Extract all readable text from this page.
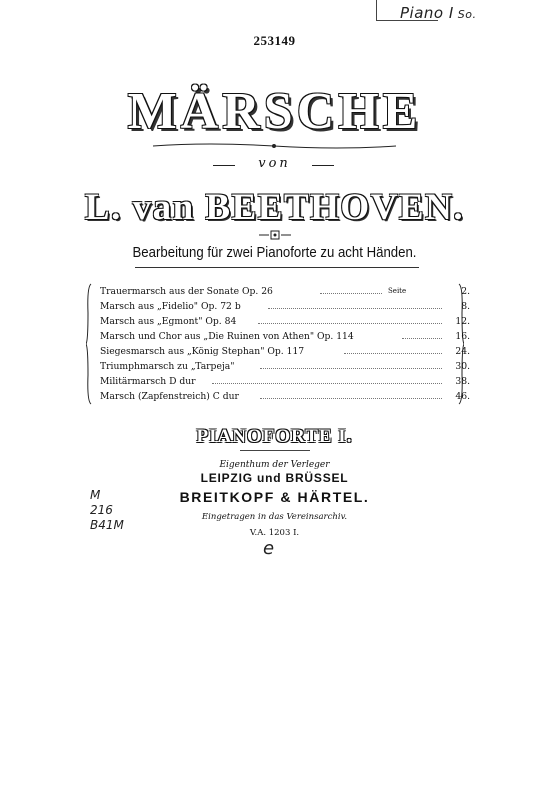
Piano I So.
M
216
B41M
253149
MÄRSCHE
von
L. van BEETHOVEN.
Bearbeitung für zwei Pianoforte zu acht Händen.
Trauermarsch aus der Sonate Op. 26	Seite	2.
Marsch aus „Fidelio" Op. 72 b	8.
Marsch aus „Egmont" Op. 84	12.
Marsch und Chor aus „Die Ruinen von Athen" Op. 114	16.
Siegesmarsch aus „König Stephan" Op. 117	24.
Triumphmarsch zu „Tarpeja"	30.
Militärmarsch D dur	38.
Marsch (Zapfenstreich) C dur	46.
PIANOFORTE I.
Eigenthum der Verleger
LEIPZIG und BRÜSSEL
BREITKOPF & HÄRTEL.
Eingetragen in das Vereinsarchiv.
V.A. 1203 I.
e
